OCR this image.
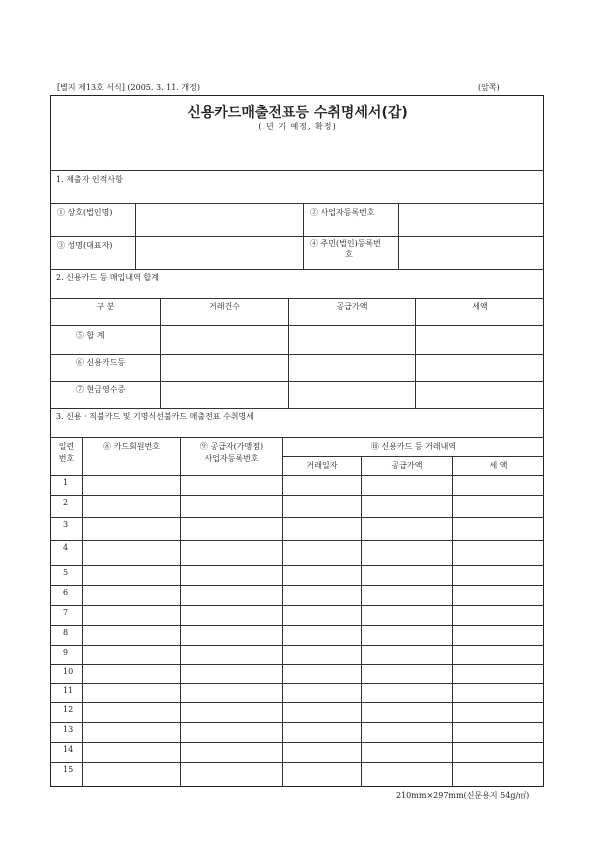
[별지 제13호 서식] (2005. 3. 11. 개정)	(앞쪽)
신용카드매출전표등 수취명세서(갑)
( 년 기 예정, 확정)
1. 제출자 인적사항
① 상호(법인명)	② 사업자등록번호
③ 성명(대표자)	④ 주민(법인)등록번
호
2. 신용카드 등 매입내역 합계
구 분	거래건수	공급가액	세액
⑤ 합 계
⑥ 신용카드등
⑦ 현금영수증
3. 신용 · 직불카드 및 기명식선불카드 매출전표 수취명세
일련
번호
⑧ 카드회원번호	⑨ 공급자(가맹점)
사업자등록번호
⑩ 신용카드 등 거래내역
거래일자	공급가액	세 액
1
2
3
4
5
6
7
8
9
10
11
12
13
14
15
210mm×297mm(신문용지 54g/㎡)
